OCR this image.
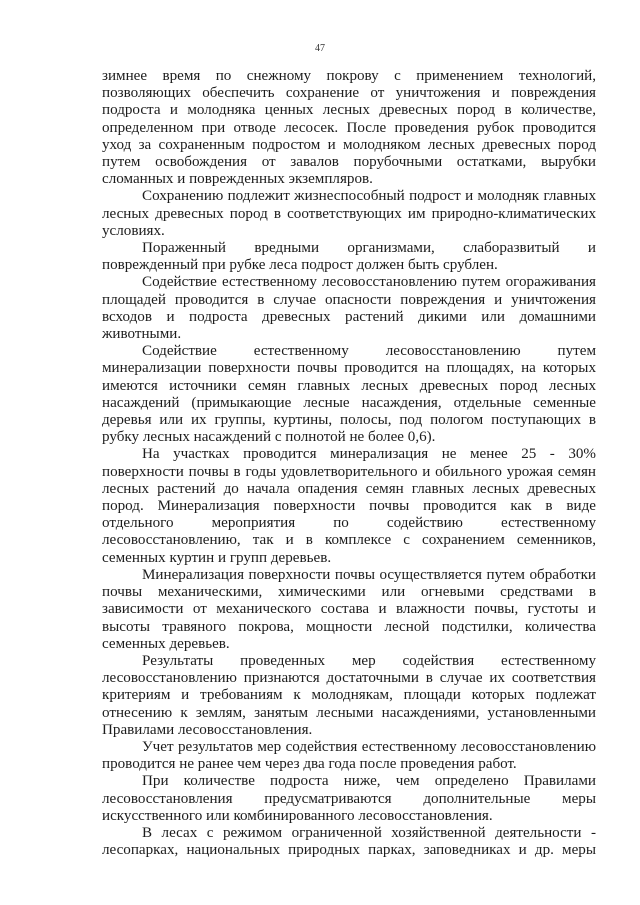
47

зимнее время по снежному покрову с применением технологий, позволяющих обеспечить сохранение от уничтожения и повреждения подроста и молодняка ценных лесных древесных пород в количестве, определенном при отводе лесосек. После проведения рубок проводится уход за сохраненным подростом и молодняком лесных древесных пород путем освобождения от завалов порубочными остатками, вырубки сломанных и поврежденных экземпляров.

Сохранению подлежит жизнеспособный подрост и молодняк главных лесных древесных пород в соответствующих им природно-климатических условиях.

Пораженный вредными организмами, слаборазвитый и поврежденный при рубке леса подрост должен быть срублен.

Содействие естественному лесовосстановлению путем огораживания площадей проводится в случае опасности повреждения и уничтожения всходов и подроста древесных растений дикими или домашними животными.

Содействие естественному лесовосстановлению путем минерализации поверхности почвы проводится на площадях, на которых имеются источники семян главных лесных древесных пород лесных насаждений (примыкающие лесные насаждения, отдельные семенные деревья или их группы, куртины, полосы, под пологом поступающих в рубку лесных насаждений с полнотой не более 0,6).

На участках проводится минерализация не менее 25 - 30% поверхности почвы в годы удовлетворительного и обильного урожая семян лесных растений до начала опадения семян главных лесных древесных пород. Минерализация поверхности почвы проводится как в виде отдельного мероприятия по содействию естественному лесовосстановлению, так и в комплексе с сохранением семенников, семенных куртин и групп деревьев.

Минерализация поверхности почвы осуществляется путем обработки почвы механическими, химическими или огневыми средствами в зависимости от механического состава и влажности почвы, густоты и высоты травяного покрова, мощности лесной подстилки, количества семенных деревьев.

Результаты проведенных мер содействия естественному лесовосстановлению признаются достаточными в случае их соответствия критериям и требованиям к молоднякам, площади которых подлежат отнесению к землям, занятым лесными насаждениями, установленными Правилами лесовосстановления.

Учет результатов мер содействия естественному лесовосстановлению проводится не ранее чем через два года после проведения работ.

При количестве подроста ниже, чем определено Правилами лесовосстановления предусматриваются дополнительные меры искусственного или комбинированного лесовосстановления.

В лесах с режимом ограниченной хозяйственной деятельности - лесопарках, национальных природных парках, заповедниках и др. меры
